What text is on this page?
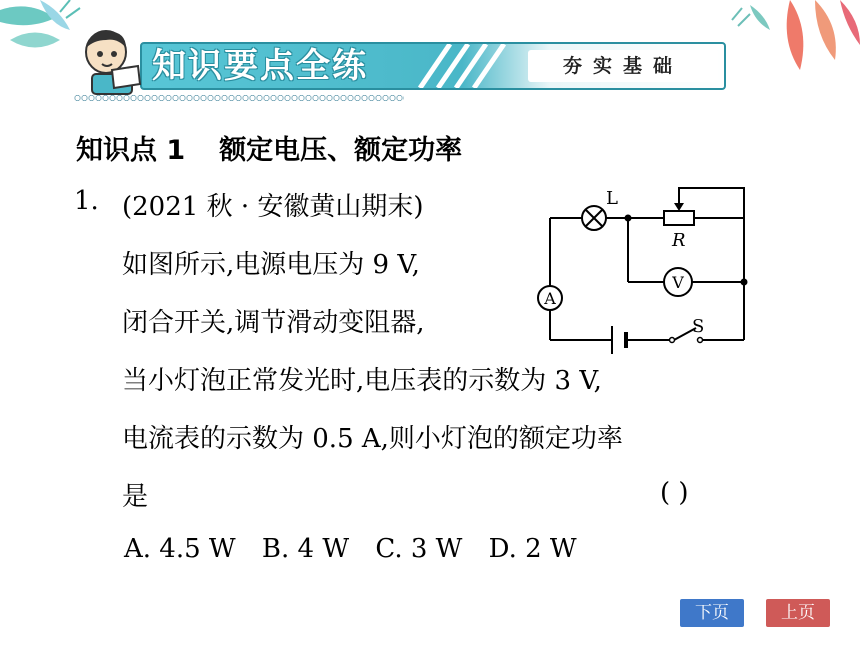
知识要点全练	夯实基础
知识点 1 额定电压、额定功率
1. (2021 秋 · 安徽黄山期末)
如图所示,电源电压为 9 V,
闭合开关,调节滑动变阻器,
当小灯泡正常发光时,电压表的示数为 3 V,
电流表的示数为 0.5 A,则小灯泡的额定功率
是	( )
A. 4.5 W B. 4 W C. 3 W D. 2 W
A
V
L
R
S
下页	上页
